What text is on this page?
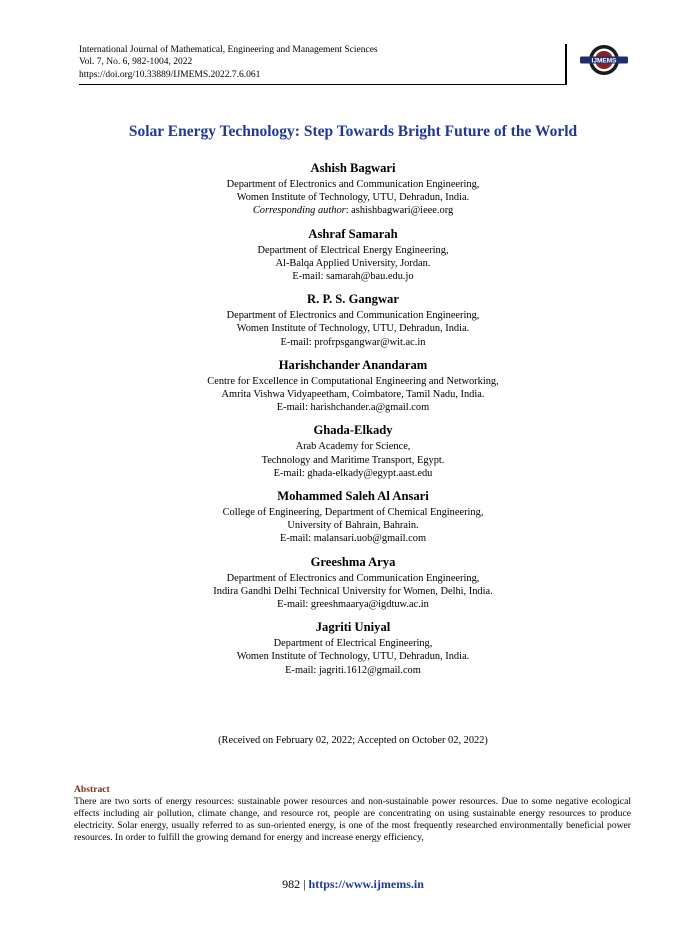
International Journal of Mathematical, Engineering and Management Sciences
Vol. 7, No. 6, 982-1004, 2022
https://doi.org/10.33889/IJMEMS.2022.7.6.061
IJMEMS
Solar Energy Technology: Step Towards Bright Future of the World
Ashish Bagwari
Department of Electronics and Communication Engineering,
Women Institute of Technology, UTU, Dehradun, India.
Corresponding author: ashishbagwari@ieee.org
Ashraf Samarah
Department of Electrical Energy Engineering,
Al-Balqa Applied University, Jordan.
E-mail: samarah@bau.edu.jo
R. P. S. Gangwar
Department of Electronics and Communication Engineering,
Women Institute of Technology, UTU, Dehradun, India.
E-mail: profrpsgangwar@wit.ac.in
Harishchander Anandaram
Centre for Excellence in Computational Engineering and Networking,
Amrita Vishwa Vidyapeetham, Coimbatore, Tamil Nadu, India.
E-mail: harishchander.a@gmail.com
Ghada-Elkady
Arab Academy for Science,
Technology and Maritime Transport, Egypt.
E-mail: ghada-elkady@egypt.aast.edu
Mohammed Saleh Al Ansari
College of Engineering, Department of Chemical Engineering,
University of Bahrain, Bahrain.
E-mail: malansari.uob@gmail.com
Greeshma Arya
Department of Electronics and Communication Engineering,
Indira Gandhi Delhi Technical University for Women, Delhi, India.
E-mail: greeshmaarya@igdtuw.ac.in
Jagriti Uniyal
Department of Electrical Engineering,
Women Institute of Technology, UTU, Dehradun, India.
E-mail: jagriti.1612@gmail.com
(Received on February 02, 2022; Accepted on October 02, 2022)
Abstract
There are two sorts of energy resources: sustainable power resources and non-sustainable power resources. Due to some negative ecological effects including air pollution, climate change, and resource rot, people are concentrating on using sustainable energy resources to produce electricity. Solar energy, usually referred to as sun-oriented energy, is one of the most frequently researched environmentally beneficial power resources. In order to fulfill the growing demand for energy and increase energy efficiency,
982 | https://www.ijmems.in
